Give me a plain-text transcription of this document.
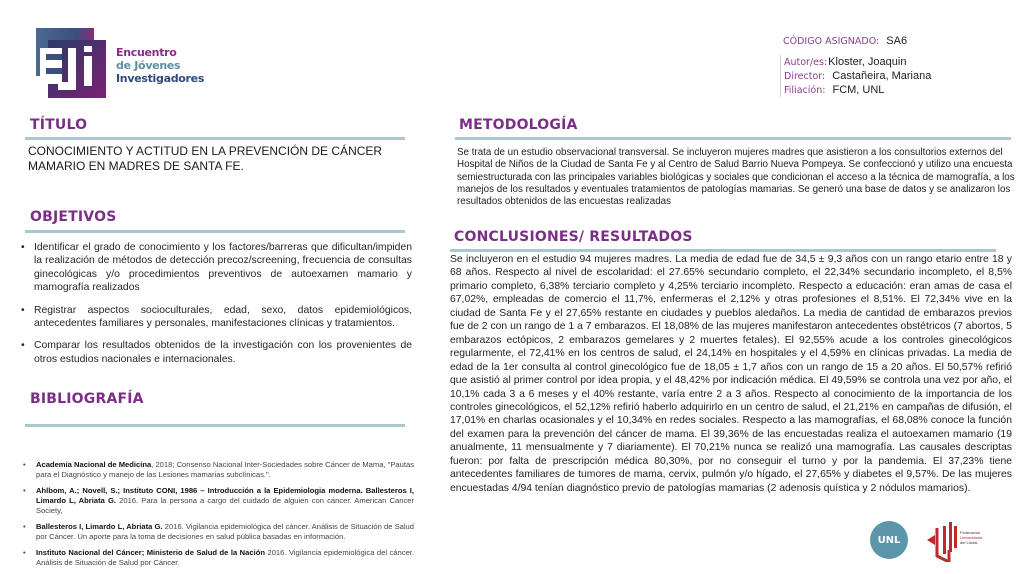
Encuentro
de Jóvenes
Investigadores
CÓDIGO ASIGNADO: SA6
Autor/es:Kloster, Joaquin
Director: Castañeira, Mariana
Filiación: FCM, UNL
TÍTULO
CONOCIMIENTO Y ACTITUD EN LA PREVENCIÓN DE CÁNCER MAMARIO EN MADRES DE SANTA FE.
OBJETIVOS
• Identificar el grado de conocimiento y los factores/barreras que dificultan/impiden la realización de métodos de detección precoz/screening, frecuencia de consultas ginecológicas y/o procedimientos preventivos de autoexamen mamario y mamografía realizados
• Registrar aspectos socioculturales, edad, sexo, datos epidemiológicos, antecedentes familiares y personales, manifestaciones clínicas y tratamientos.
• Comparar los resultados obtenidos de la investigación con los provenientes de otros estudios nacionales e internacionales.
BIBLIOGRAFÍA
• Academia Nacional de Medicina, 2018; Consenso Nacional Inter-Sociedades sobre Cáncer de Mama, "Pautas para el Diagnóstico y manejo de las Lesiones mamarias subclínicas.".
• Ahlbom, A.; Novell, S.; Instituto CONI, 1986 – Introducción a la Epidemiologia moderna. Ballesteros I, Limardo L, Abriata G. 2016. Para la persona a cargo del cuidado de alguien con cáncer. American Cancer Society,
• Ballesteros I, Limardo L, Abriata G. 2016. Vigilancia epidemiológica del cáncer. Análisis de Situación de Salud por Cáncer. Un aporte para la toma de decisiones en salud pública basadas en información.
• Instituto Nacional del Cáncer; Ministerio de Salud de la Nación 2016. Vigilancia epidemiológica del cáncer. Análisis de Situación de Salud por Cáncer.
METODOLOGÍA
Se trata de un estudio observacional transversal. Se incluyeron mujeres madres que asistieron a los consultorios externos del Hospital de Niños de la Ciudad de Santa Fe y al Centro de Salud Barrio Nueva Pompeya. Se confeccionó y utilizo una encuesta semiestructurada con las principales variables biológicas y sociales que condicionan el acceso a la técnica de mamografía, a los manejos de los resultados y eventuales tratamientos de patologías mamarias. Se generó una base de datos y se analizaron los resultados obtenidos de las encuestas realizadas
CONCLUSIONES/ RESULTADOS
Se incluyeron en el estudio 94 mujeres madres. La media de edad fue de 34,5 ± 9,3 años con un rango etario entre 18 y 68 años. Respecto al nivel de escolaridad: el 27.65% secundario completo, el 22,34% secundario incompleto, el 8,5% primario completo, 6,38% terciario completo y 4,25% terciario incompleto. Respecto a educación: eran amas de casa el 67,02%, empleadas de comercio el 11,7%, enfermeras el 2,12% y otras profesiones el 8,51%. El 72,34% vive en la ciudad de Santa Fe y el 27,65% restante en ciudades y pueblos aledaños. La media de cantidad de embarazos previos fue de 2 con un rango de 1 a 7 embarazos. El 18,08% de las mujeres manifestaron antecedentes obstétricos (7 abortos, 5 embarazos ectópicos, 2 embarazos gemelares y 2 muertes fetales). El 92,55% acude a los controles ginecológicos regularmente, el 72,41% en los centros de salud, el 24,14% en hospitales y el 4,59% en clínicas privadas. La media de edad de la 1er consulta al control ginecológico fue de 18,05 ± 1,7 años con un rango de 15 a 20 años. El 50,57% refirió que asistió al primer control por idea propia, y el 48,42% por indicación médica. El 49,59% se controla una vez por año, el 10,1% cada 3 a 6 meses y el 40% restante, varía entre 2 a 3 años. Respecto al conocimiento de la importancia de los controles ginecológicos, el 52,12% refirió haberlo adquirirlo en un centro de salud, el 21,21% en campañas de difusión, el 17,01% en charlas ocasionales y el 10,34% en redes sociales. Respecto a las mamografías, el 68,08% conoce la función del examen para la prevención del cáncer de mama. El 39,36% de las encuestadas realiza el autoexamen mamario (19 anualmente, 11 mensualmente y 7 diariamente). El 70,21% nunca se realizó una mamografía. Las causales descriptas fueron: por falta de prescripción médica 80,30%, por no conseguir el turno y por la pandemia. El 37,23% tiene antecedentes familiares de tumores de mama, cervix, pulmón y/o hígado, el 27,65% y diabetes el 9,57%. De las mujeres encuestadas 4/94 tenían diagnóstico previo de patologías mamarias (2 adenosis quística y 2 nódulos mamarios).
UNL
Federación
Universitaria
del Litoral
